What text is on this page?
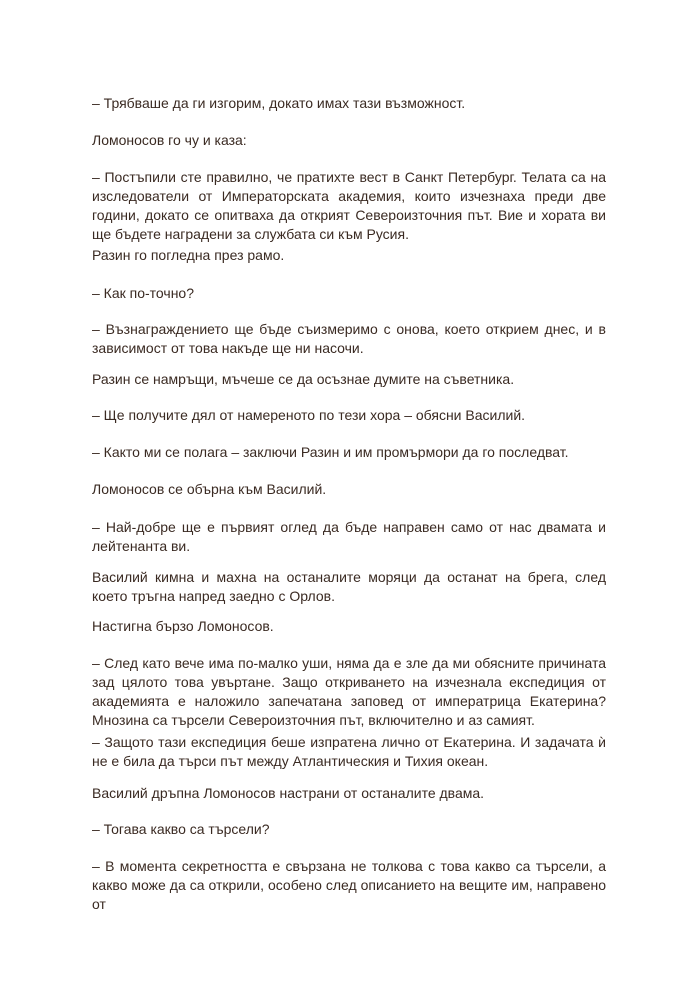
– Трябваше да ги изгорим, докато имах тази възможност.

Ломоносов го чу и каза:

– Постъпили сте правилно, че пратихте вест в Санкт Петербург. Телата са на изследователи от Императорската академия, които изчезнаха преди две години, докато се опитваха да открият Североизточния път. Вие и хората ви ще бъдете наградени за службата си към Русия.

Разин го погледна през рамо.

– Как по-точно?

– Възнаграждението ще бъде съизмеримо с онова, което открием днес, и в зависимост от това накъде ще ни насочи.

Разин се намръщи, мъчеше се да осъзнае думите на съветника.

– Ще получите дял от намереното по тези хора – обясни Василий.

– Както ми се полага – заключи Разин и им промърмори да го последват.

Ломоносов се обърна към Василий.

– Най-добре ще е първият оглед да бъде направен само от нас двамата и лейтенанта ви.

Василий кимна и махна на останалите моряци да останат на брега, след което тръгна напред заедно с Орлов.

Настигна бързо Ломоносов.

– След като вече има по-малко уши, няма да е зле да ми обясните причината зад цялото това увъртане. Защо откриването на изчезнала експедиция от академията е наложило запечатана заповед от императрица Екатерина? Мнозина са търсели Североизточния път, включително и аз самият.

– Защото тази експедиция беше изпратена лично от Екатерина. И задачата ѝ не е била да търси път между Атлантическия и Тихия океан.

Василий дръпна Ломоносов настрани от останалите двама.

– Тогава какво са търсели?

– В момента секретността е свързана не толкова с това какво са търсели, а какво може да са открили, особено след описанието на вещите им, направено от
